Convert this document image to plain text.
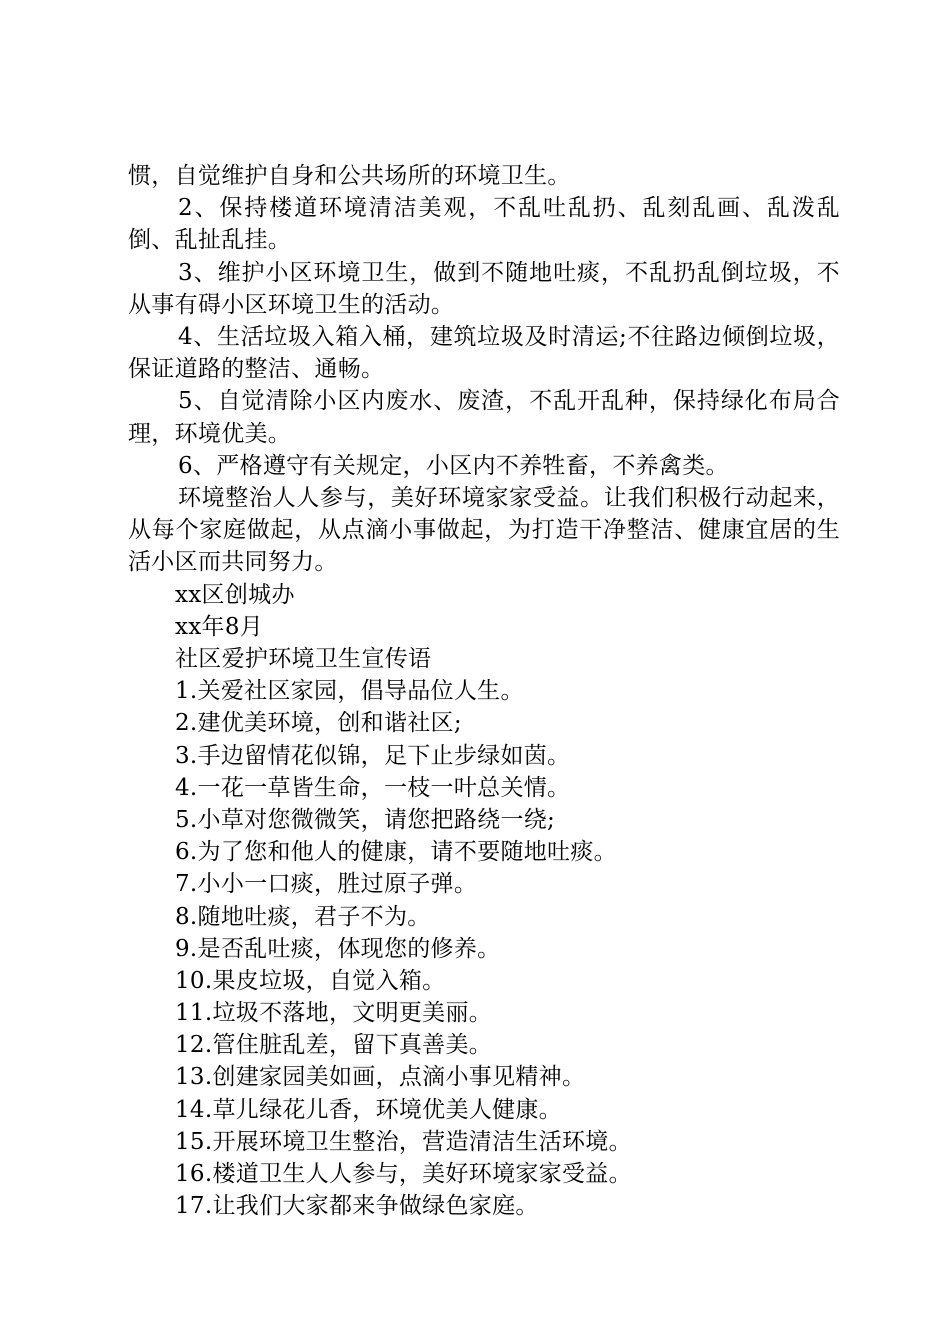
惯，自觉维护自身和公共场所的环境卫生。
2、保持楼道环境清洁美观，不乱吐乱扔、乱刻乱画、乱泼乱倒、乱扯乱挂。
3、维护小区环境卫生，做到不随地吐痰，不乱扔乱倒垃圾，不从事有碍小区环境卫生的活动。
4、生活垃圾入箱入桶，建筑垃圾及时清运;不往路边倾倒垃圾，保证道路的整洁、通畅。
5、自觉清除小区内废水、废渣，不乱开乱种，保持绿化布局合理，环境优美。
6、严格遵守有关规定，小区内不养牲畜，不养禽类。
环境整治人人参与，美好环境家家受益。让我们积极行动起来，从每个家庭做起，从点滴小事做起，为打造干净整洁、健康宜居的生活小区而共同努力。
xx区创城办
xx年8月
社区爱护环境卫生宣传语
1.关爱社区家园，倡导品位人生。
2.建优美环境，创和谐社区;
3.手边留情花似锦，足下止步绿如茵。
4.一花一草皆生命，一枝一叶总关情。
5.小草对您微微笑，请您把路绕一绕;
6.为了您和他人的健康，请不要随地吐痰。
7.小小一口痰，胜过原子弹。
8.随地吐痰，君子不为。
9.是否乱吐痰，体现您的修养。
10.果皮垃圾，自觉入箱。
11.垃圾不落地，文明更美丽。
12.管住脏乱差，留下真善美。
13.创建家园美如画，点滴小事见精神。
14.草儿绿花儿香，环境优美人健康。
15.开展环境卫生整治，营造清洁生活环境。
16.楼道卫生人人参与，美好环境家家受益。
17.让我们大家都来争做绿色家庭。
